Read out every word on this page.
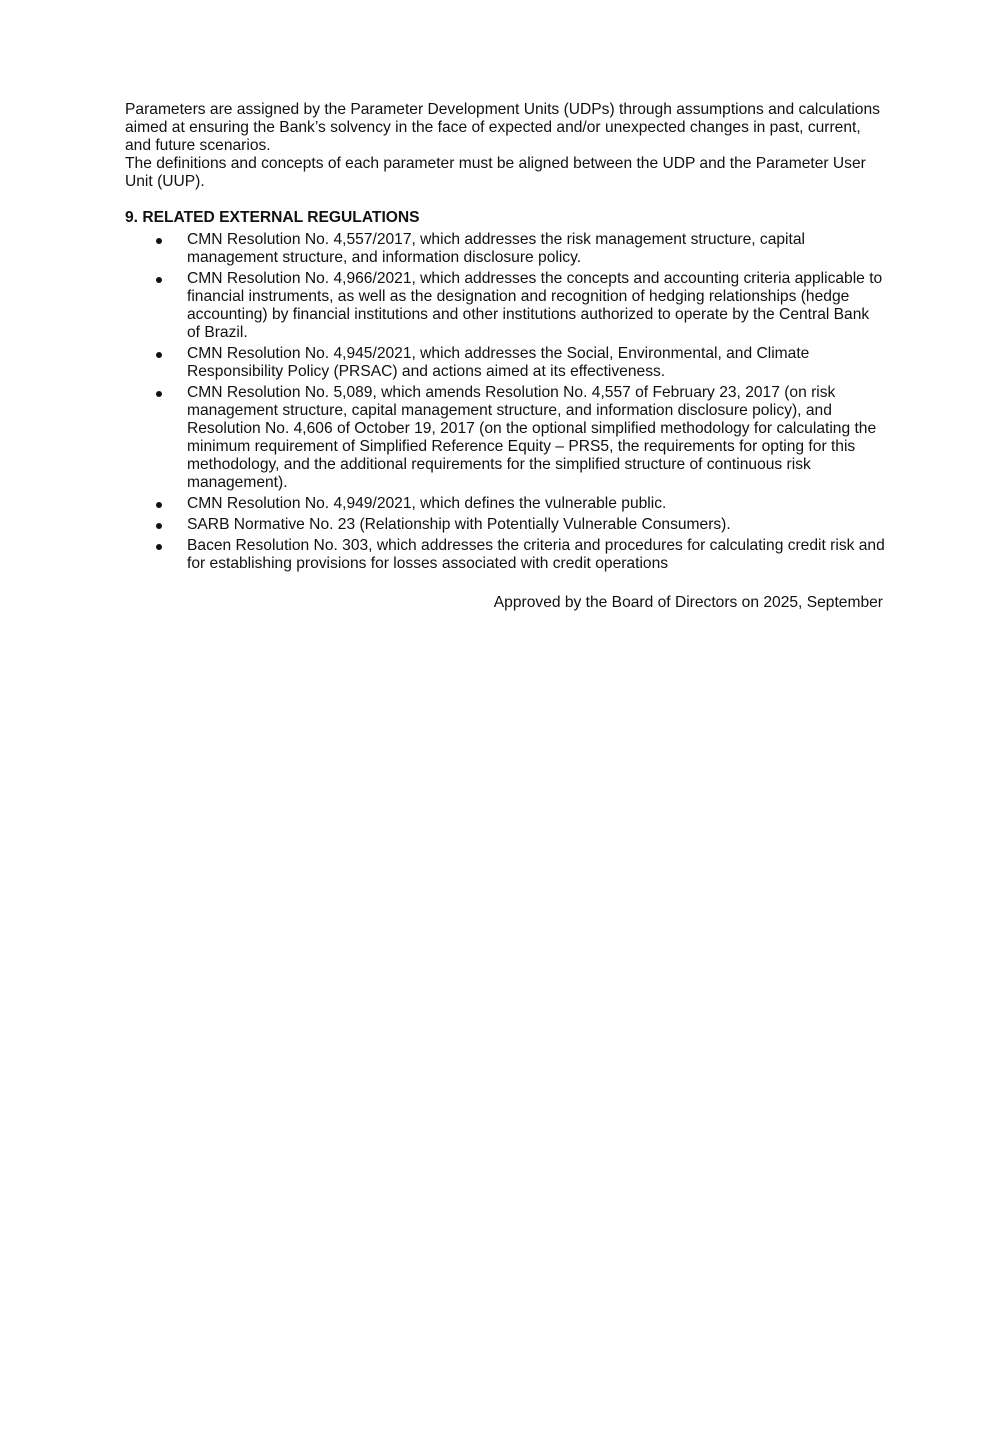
Parameters are assigned by the Parameter Development Units (UDPs) through assumptions and calculations aimed at ensuring the Bank’s solvency in the face of expected and/or unexpected changes in past, current, and future scenarios.

The definitions and concepts of each parameter must be aligned between the UDP and the Parameter User Unit (UUP).

9. RELATED EXTERNAL REGULATIONS
CMN Resolution No. 4,557/2017, which addresses the risk management structure, capital management structure, and information disclosure policy.
CMN Resolution No. 4,966/2021, which addresses the concepts and accounting criteria applicable to financial instruments, as well as the designation and recognition of hedging relationships (hedge accounting) by financial institutions and other institutions authorized to operate by the Central Bank of Brazil.
CMN Resolution No. 4,945/2021, which addresses the Social, Environmental, and Climate Responsibility Policy (PRSAC) and actions aimed at its effectiveness.
CMN Resolution No. 5,089, which amends Resolution No. 4,557 of February 23, 2017 (on risk management structure, capital management structure, and information disclosure policy), and Resolution No. 4,606 of October 19, 2017 (on the optional simplified methodology for calculating the minimum requirement of Simplified Reference Equity – PRS5, the requirements for opting for this methodology, and the additional requirements for the simplified structure of continuous risk management).
CMN Resolution No. 4,949/2021, which defines the vulnerable public.
SARB Normative No. 23 (Relationship with Potentially Vulnerable Consumers).
Bacen Resolution No. 303, which addresses the criteria and procedures for calculating credit risk and for establishing provisions for losses associated with credit operations
Approved by the Board of Directors on 2025, September
